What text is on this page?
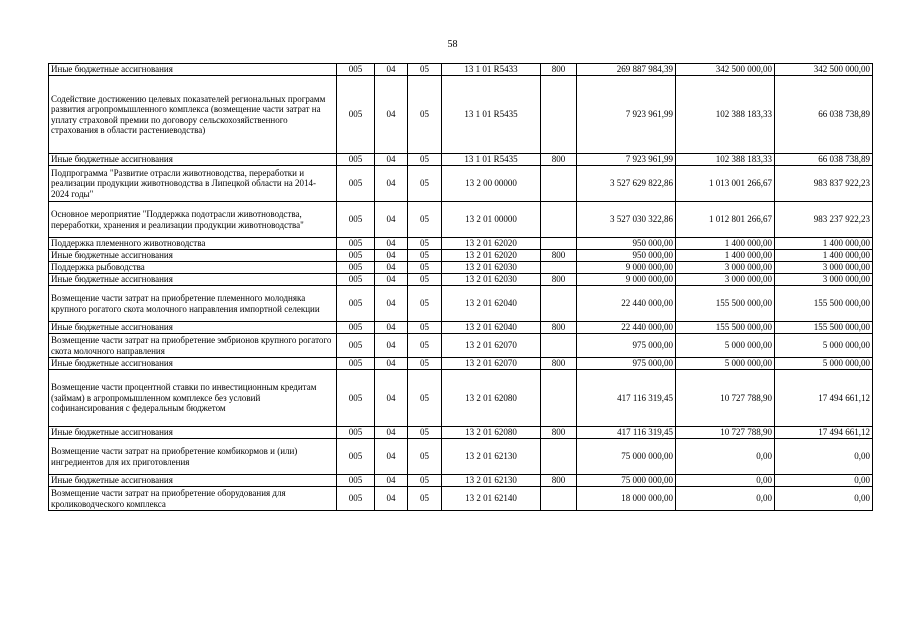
58
Иные бюджетные ассигнования	005	04	05	13 1 01 R5433	800	269 887 984,39	342 500 000,00	342 500 000,00
Содействие достижению целевых показателей региональных программ развития агропромышленного комплекса (возмещение части затрат на уплату страховой премии по договору сельскохозяйственного страхования в области растениеводства)	005	04	05	13 1 01 R5435		7 923 961,99	102 388 183,33	66 038 738,89
Иные бюджетные ассигнования	005	04	05	13 1 01 R5435	800	7 923 961,99	102 388 183,33	66 038 738,89
Подпрограмма "Развитие отрасли животноводства, переработки и реализации продукции животноводства в Липецкой области на 2014-2024 годы"	005	04	05	13 2 00 00000		3 527 629 822,86	1 013 001 266,67	983 837 922,23
Основное мероприятие "Поддержка подотрасли животноводства, переработки, хранения и реализации продукции животноводства"	005	04	05	13 2 01 00000		3 527 030 322,86	1 012 801 266,67	983 237 922,23
Поддержка племенного животноводства	005	04	05	13 2 01 62020		950 000,00	1 400 000,00	1 400 000,00
Иные бюджетные ассигнования	005	04	05	13 2 01 62020	800	950 000,00	1 400 000,00	1 400 000,00
Поддержка рыбоводства	005	04	05	13 2 01 62030		9 000 000,00	3 000 000,00	3 000 000,00
Иные бюджетные ассигнования	005	04	05	13 2 01 62030	800	9 000 000,00	3 000 000,00	3 000 000,00
Возмещение части затрат на приобретение племенного молодняка крупного рогатого скота молочного направления импортной селекции	005	04	05	13 2 01 62040		22 440 000,00	155 500 000,00	155 500 000,00
Иные бюджетные ассигнования	005	04	05	13 2 01 62040	800	22 440 000,00	155 500 000,00	155 500 000,00
Возмещение части затрат на приобретение эмбрионов крупного рогатого скота молочного направления	005	04	05	13 2 01 62070		975 000,00	5 000 000,00	5 000 000,00
Иные бюджетные ассигнования	005	04	05	13 2 01 62070	800	975 000,00	5 000 000,00	5 000 000,00
Возмещение части процентной ставки по инвестиционным кредитам (займам) в агропромышленном комплексе без условий софинансирования с федеральным бюджетом	005	04	05	13 2 01 62080		417 116 319,45	10 727 788,90	17 494 661,12
Иные бюджетные ассигнования	005	04	05	13 2 01 62080	800	417 116 319,45	10 727 788,90	17 494 661,12
Возмещение части затрат на приобретение комбикормов и (или) ингредиентов для их приготовления	005	04	05	13 2 01 62130		75 000 000,00	0,00	0,00
Иные бюджетные ассигнования	005	04	05	13 2 01 62130	800	75 000 000,00	0,00	0,00
Возмещение части затрат на приобретение оборудования для кролиководческого комплекса	005	04	05	13 2 01 62140		18 000 000,00	0,00	0,00
